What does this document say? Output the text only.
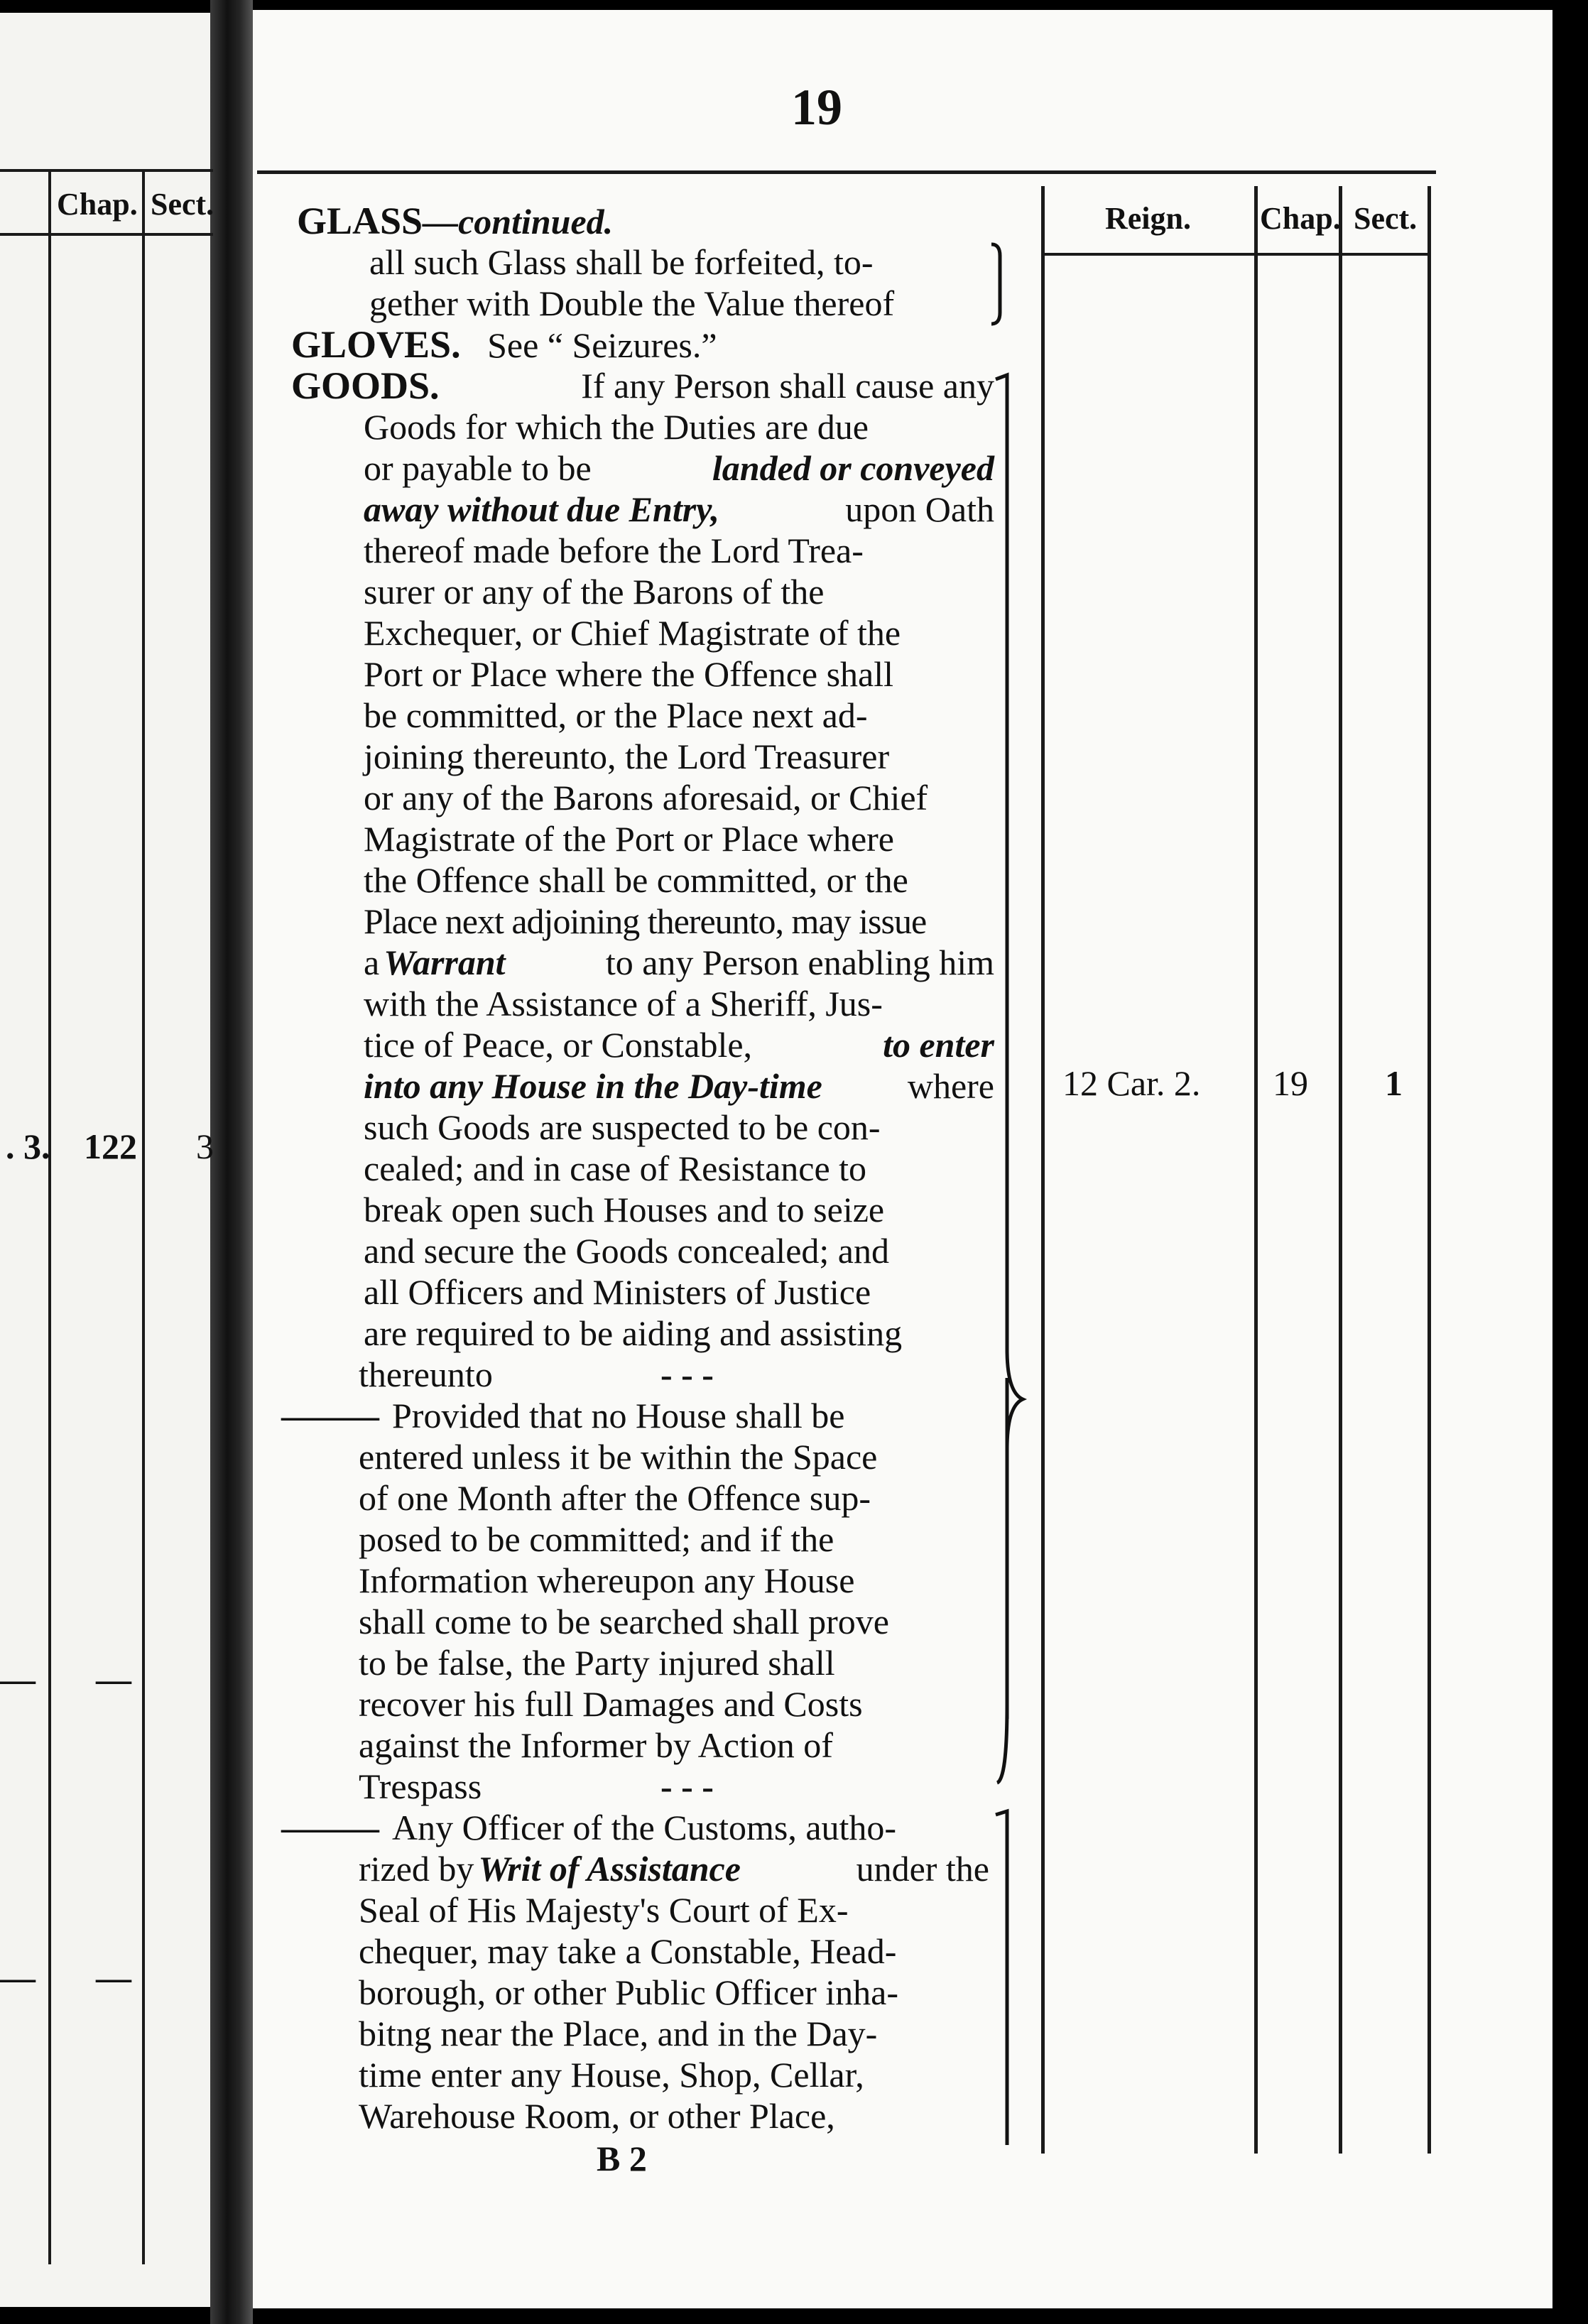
Chap. Sect.
. 3. 122 3
— —
— —
19
Reign. Chap. Sect.
12 Car. 2. 19 1
GLASS—continued.
all such Glass shall be forfeited, to-
gether with Double the Value thereof
GLOVES. See “ Seizures.”
GOODS.	If any Person shall cause any
Goods for which the Duties are due
or payable to be	landed or conveyed
away without due Entry,	upon Oath
thereof made before the Lord Trea-
surer or any of the Barons of the
Exchequer, or Chief Magistrate of the
Port or Place where the Offence shall
be committed, or the Place next ad-
joining thereunto, the Lord Treasurer
or any of the Barons aforesaid, or Chief
Magistrate of the Port or Place where
the Offence shall be committed, or the
Place next adjoining thereunto, may issue
a Warrant	to any Person enabling him
with the Assistance of a Sheriff, Jus-
tice of Peace, or Constable,	to enter
into any House in the Day-time where
such Goods are suspected to be con-
cealed; and in case of Resistance to
break open such Houses and to seize
and secure the Goods concealed; and
all Officers and Ministers of Justice
are required to be aiding and assisting
thereunto	- - -
——— Provided that no House shall be
entered unless it be within the Space
of one Month after the Offence sup-
posed to be committed; and if the
Information whereupon any House
shall come to be searched shall prove
to be false, the Party injured shall
recover his full Damages and Costs
against the Informer by Action of
Trespass	- - -
——— Any Officer of the Customs, autho-
rized by Writ of Assistance	under the
Seal of His Majesty's Court of Ex-
chequer, may take a Constable, Head-
borough, or other Public Officer inha-
bitng near the Place, and in the Day-
time enter any House, Shop, Cellar,
Warehouse Room, or other Place,
B 2
